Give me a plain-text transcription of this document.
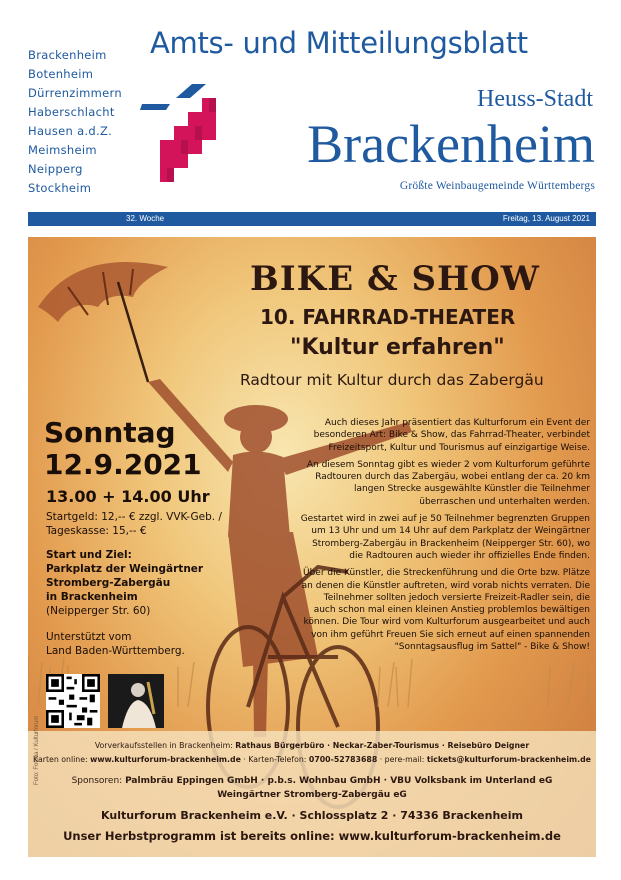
Brackenheim
Botenheim
Dürrenzimmern
Haberschlacht
Hausen a.d.Z.
Meimsheim
Neipperg
Stockheim
Amts- und Mitteilungsblatt
Heuss-Stadt
Brackenheim
Größte Weinbaugemeinde Württembergs
32. Woche	Freitag, 13. August 2021
BIKE & SHOW
10. FAHRRAD-THEATER
"Kultur erfahren"
Radtour mit Kultur durch das Zabergäu
Sonntag
12.9.2021
13.00 + 14.00 Uhr
Startgeld: 12,-- € zzgl. VVK-Geb. /
Tageskasse: 15,-- €
Start und Ziel:
Parkplatz der Weingärtner
Stromberg-Zabergäu
in Brackenheim
(Neipperger Str. 60)
Unterstützt vom
Land Baden-Württemberg.

Auch dieses Jahr präsentiert das Kulturforum ein Event der besonderen Art: Bike & Show, das Fahrrad-Theater, verbindet Freizeitsport, Kultur und Tourismus auf einzigartige Weise.

An diesem Sonntag gibt es wieder 2 vom Kulturforum geführte Radtouren durch das Zabergäu, wobei entlang der ca. 20 km langen Strecke ausgewählte Künstler die Teilnehmer überraschen und unterhalten werden.

Gestartet wird in zwei auf je 50 Teilnehmer begrenzten Gruppen um 13 Uhr und um 14 Uhr auf dem Parkplatz der Weingärtner Stromberg-Zabergäu in Brackenheim (Neipperger Str. 60), wo die Radtouren auch wieder ihr offizielles Ende finden.

Über die Künstler, die Streckenführung und die Orte bzw. Plätze an denen die Künstler auftreten, wird vorab nichts verraten. Die Teilnehmer sollten jedoch versierte Freizeit-Radler sein, die auch schon mal einen kleinen Anstieg problemlos bewältigen können. Die Tour wird vom Kulturforum ausgearbeitet und auch von ihm geführt Freuen Sie sich erneut auf einen spannenden "Sonntagsausflug im Sattel" - Bike & Show!

Vorverkaufsstellen in Brackenheim: Rathaus Bürgerbüro · Neckar-Zaber-Tourismus · Reisebüro Deigner
Karten online: www.kulturforum-brackenheim.de · Karten-Telefon: 0700-52783688 · pere-mail: tickets@kulturforum-brackenheim.de
Sponsoren: Palmbräu Eppingen GmbH · p.b.s. Wohnbau GmbH · VBU Volksbank im Unterland eG
Weingärtner Stromberg-Zabergäu eG
Kulturforum Brackenheim e.V. · Schlossplatz 2 · 74336 Brackenheim
Unser Herbstprogramm ist bereits online: www.kulturforum-brackenheim.de
Foto: Fotolia / Kulturforum
